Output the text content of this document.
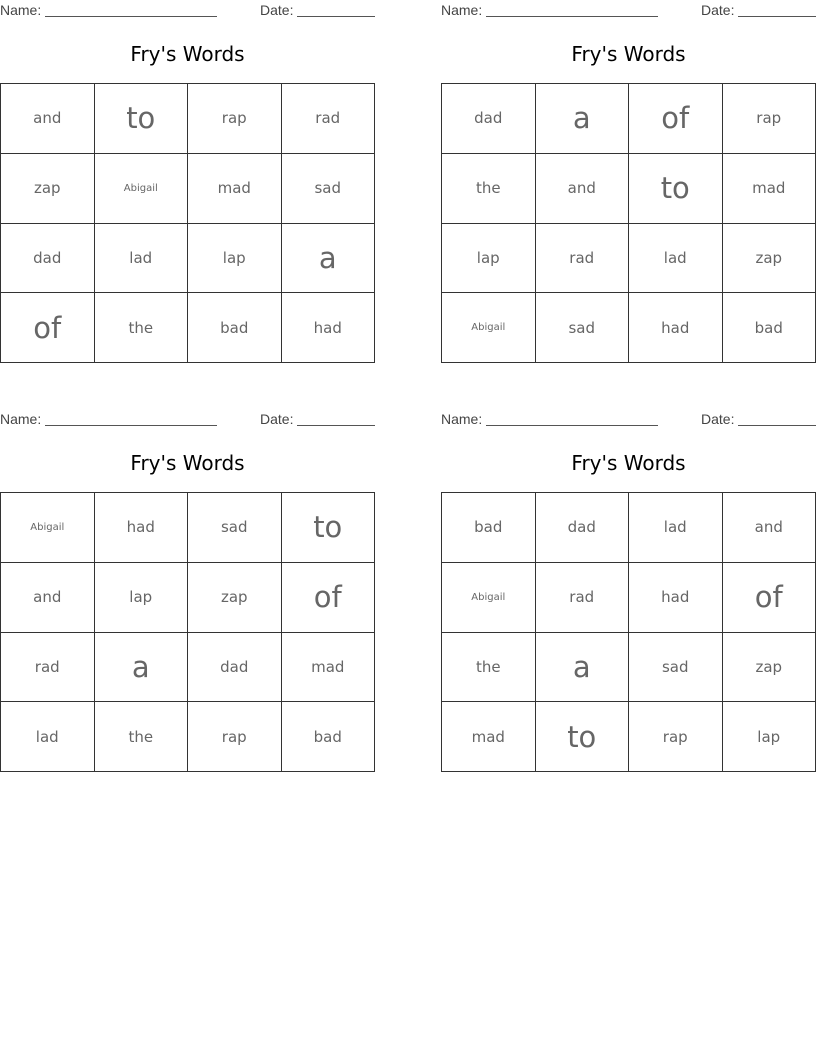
Name:	Date:
Fry's Words
and	to	rap	rad
zap	Abigail	mad	sad
dad	lad	lap	a
of	the	bad	had
Name:	Date:
Fry's Words
dad	a	of	rap
the	and	to	mad
lap	rad	lad	zap
Abigail	sad	had	bad
Name:	Date:
Fry's Words
Abigail	had	sad	to
and	lap	zap	of
rad	a	dad	mad
lad	the	rap	bad
Name:	Date:
Fry's Words
bad	dad	lad	and
Abigail	rad	had	of
the	a	sad	zap
mad	to	rap	lap
